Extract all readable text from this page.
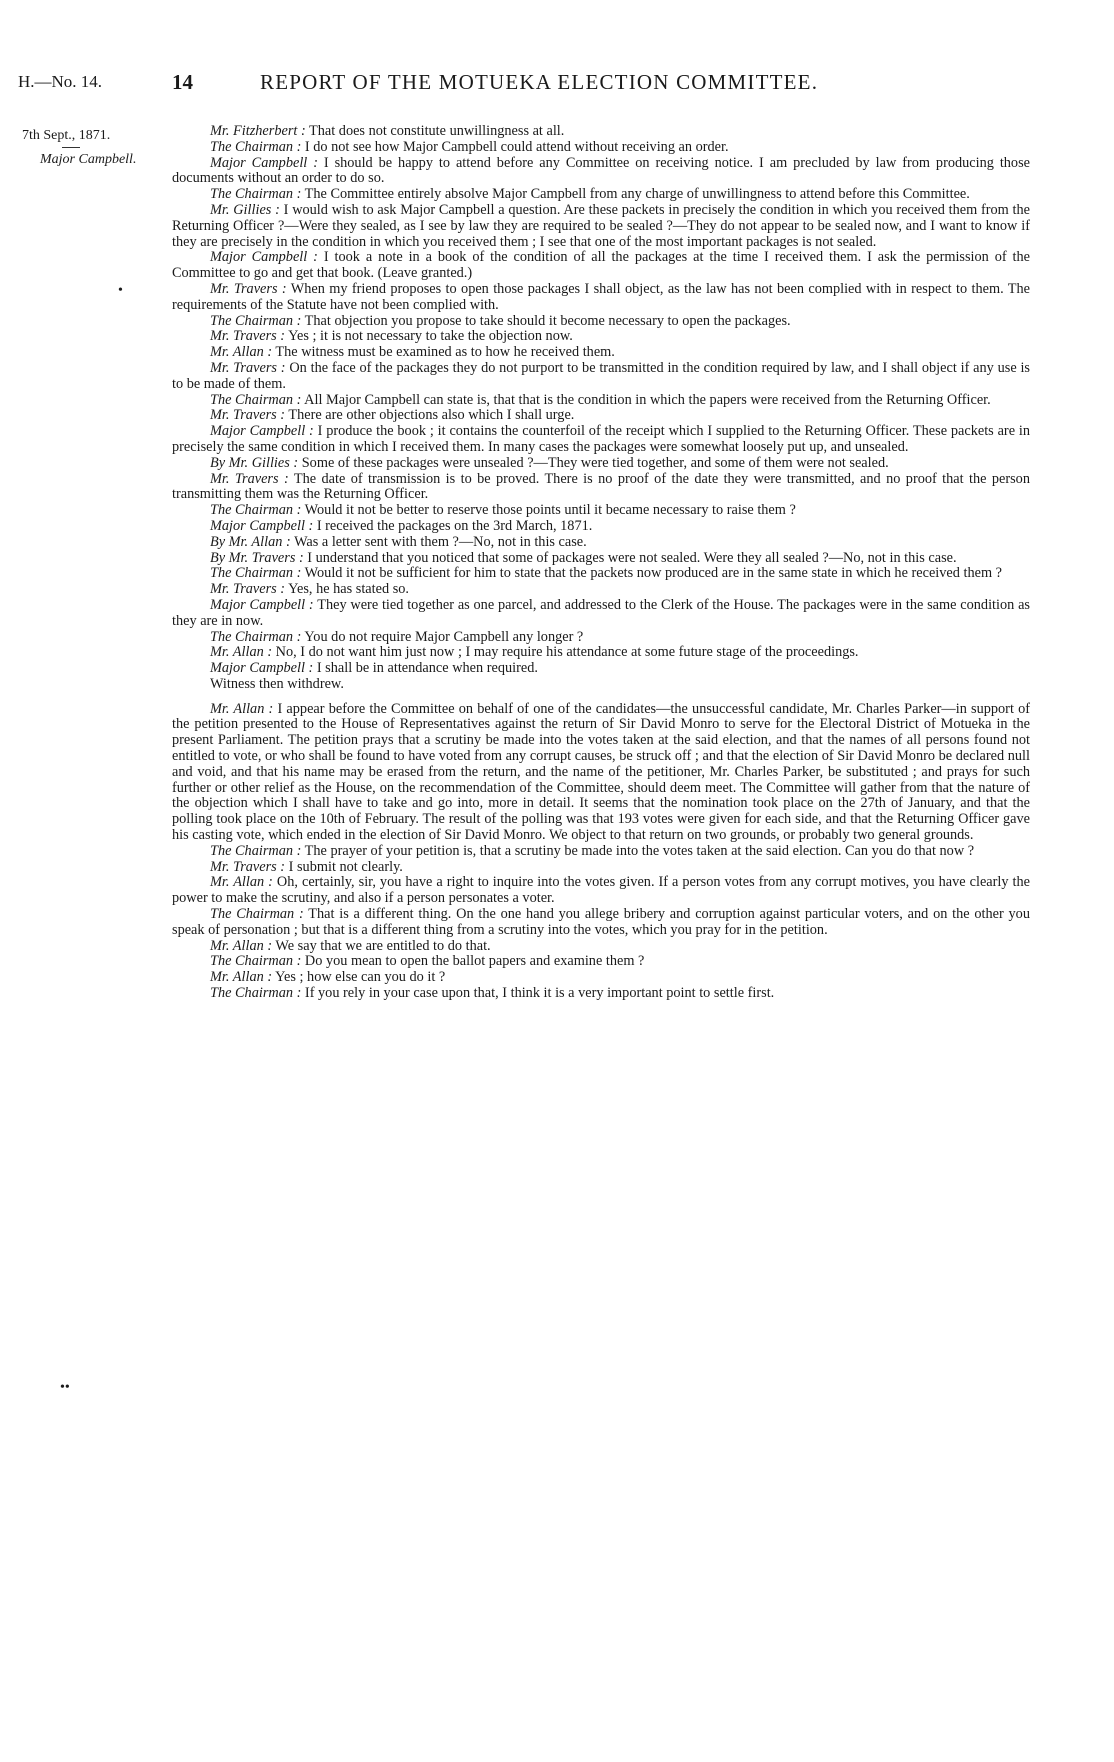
H.—No. 14.	14	REPORT OF THE MOTUEKA ELECTION COMMITTEE.
7th Sept., 1871.
Major Campbell.
•
••

Mr. Fitzherbert : That does not constitute unwillingness at all.

The Chairman : I do not see how Major Campbell could attend without receiving an order.

Major Campbell : I should be happy to attend before any Committee on receiving notice. I am precluded by law from producing those documents without an order to do so.

The Chairman : The Committee entirely absolve Major Campbell from any charge of unwillingness to attend before this Committee.

Mr. Gillies : I would wish to ask Major Campbell a question. Are these packets in precisely the condition in which you received them from the Returning Officer ?—Were they sealed, as I see by law they are required to be sealed ?—They do not appear to be sealed now, and I want to know if they are precisely in the condition in which you received them ; I see that one of the most important packages is not sealed.

Major Campbell : I took a note in a book of the condition of all the packages at the time I received them. I ask the permission of the Committee to go and get that book. (Leave granted.)

Mr. Travers : When my friend proposes to open those packages I shall object, as the law has not been complied with in respect to them. The requirements of the Statute have not been complied with.

The Chairman : That objection you propose to take should it become necessary to open the packages.

Mr. Travers : Yes ; it is not necessary to take the objection now.

Mr. Allan : The witness must be examined as to how he received them.

Mr. Travers : On the face of the packages they do not purport to be transmitted in the condition required by law, and I shall object if any use is to be made of them.

The Chairman : All Major Campbell can state is, that that is the condition in which the papers were received from the Returning Officer.

Mr. Travers : There are other objections also which I shall urge.

Major Campbell : I produce the book ; it contains the counterfoil of the receipt which I supplied to the Returning Officer. These packets are in precisely the same condition in which I received them. In many cases the packages were somewhat loosely put up, and unsealed.

By Mr. Gillies : Some of these packages were unsealed ?—They were tied together, and some of them were not sealed.

Mr. Travers : The date of transmission is to be proved. There is no proof of the date they were transmitted, and no proof that the person transmitting them was the Returning Officer.

The Chairman : Would it not be better to reserve those points until it became necessary to raise them ?

Major Campbell : I received the packages on the 3rd March, 1871.

By Mr. Allan : Was a letter sent with them ?—No, not in this case.

By Mr. Travers : I understand that you noticed that some of packages were not sealed. Were they all sealed ?—No, not in this case.

The Chairman : Would it not be sufficient for him to state that the packets now produced are in the same state in which he received them ?

Mr. Travers : Yes, he has stated so.

Major Campbell : They were tied together as one parcel, and addressed to the Clerk of the House. The packages were in the same condition as they are in now.

The Chairman : You do not require Major Campbell any longer ?

Mr. Allan : No, I do not want him just now ; I may require his attendance at some future stage of the proceedings.

Major Campbell : I shall be in attendance when required.

Witness then withdrew.

Mr. Allan : I appear before the Committee on behalf of one of the candidates—the unsuccessful candidate, Mr. Charles Parker—in support of the petition presented to the House of Representatives against the return of Sir David Monro to serve for the Electoral District of Motueka in the present Parliament. The petition prays that a scrutiny be made into the votes taken at the said election, and that the names of all persons found not entitled to vote, or who shall be found to have voted from any corrupt causes, be struck off ; and that the election of Sir David Monro be declared null and void, and that his name may be erased from the return, and the name of the petitioner, Mr. Charles Parker, be substituted ; and prays for such further or other relief as the House, on the recommendation of the Committee, should deem meet. The Committee will gather from that the nature of the objection which I shall have to take and go into, more in detail. It seems that the nomination took place on the 27th of January, and that the polling took place on the 10th of February. The result of the polling was that 193 votes were given for each side, and that the Returning Officer gave his casting vote, which ended in the election of Sir David Monro. We object to that return on two grounds, or probably two general grounds.

The Chairman : The prayer of your petition is, that a scrutiny be made into the votes taken at the said election. Can you do that now ?

Mr. Travers : I submit not clearly.

Mr. Allan : Oh, certainly, sir, you have a right to inquire into the votes given. If a person votes from any corrupt motives, you have clearly the power to make the scrutiny, and also if a person personates a voter.

The Chairman : That is a different thing. On the one hand you allege bribery and corruption against particular voters, and on the other you speak of personation ; but that is a different thing from a scrutiny into the votes, which you pray for in the petition.

Mr. Allan : We say that we are entitled to do that.

The Chairman : Do you mean to open the ballot papers and examine them ?

Mr. Allan : Yes ; how else can you do it ?

The Chairman : If you rely in your case upon that, I think it is a very important point to settle first.
